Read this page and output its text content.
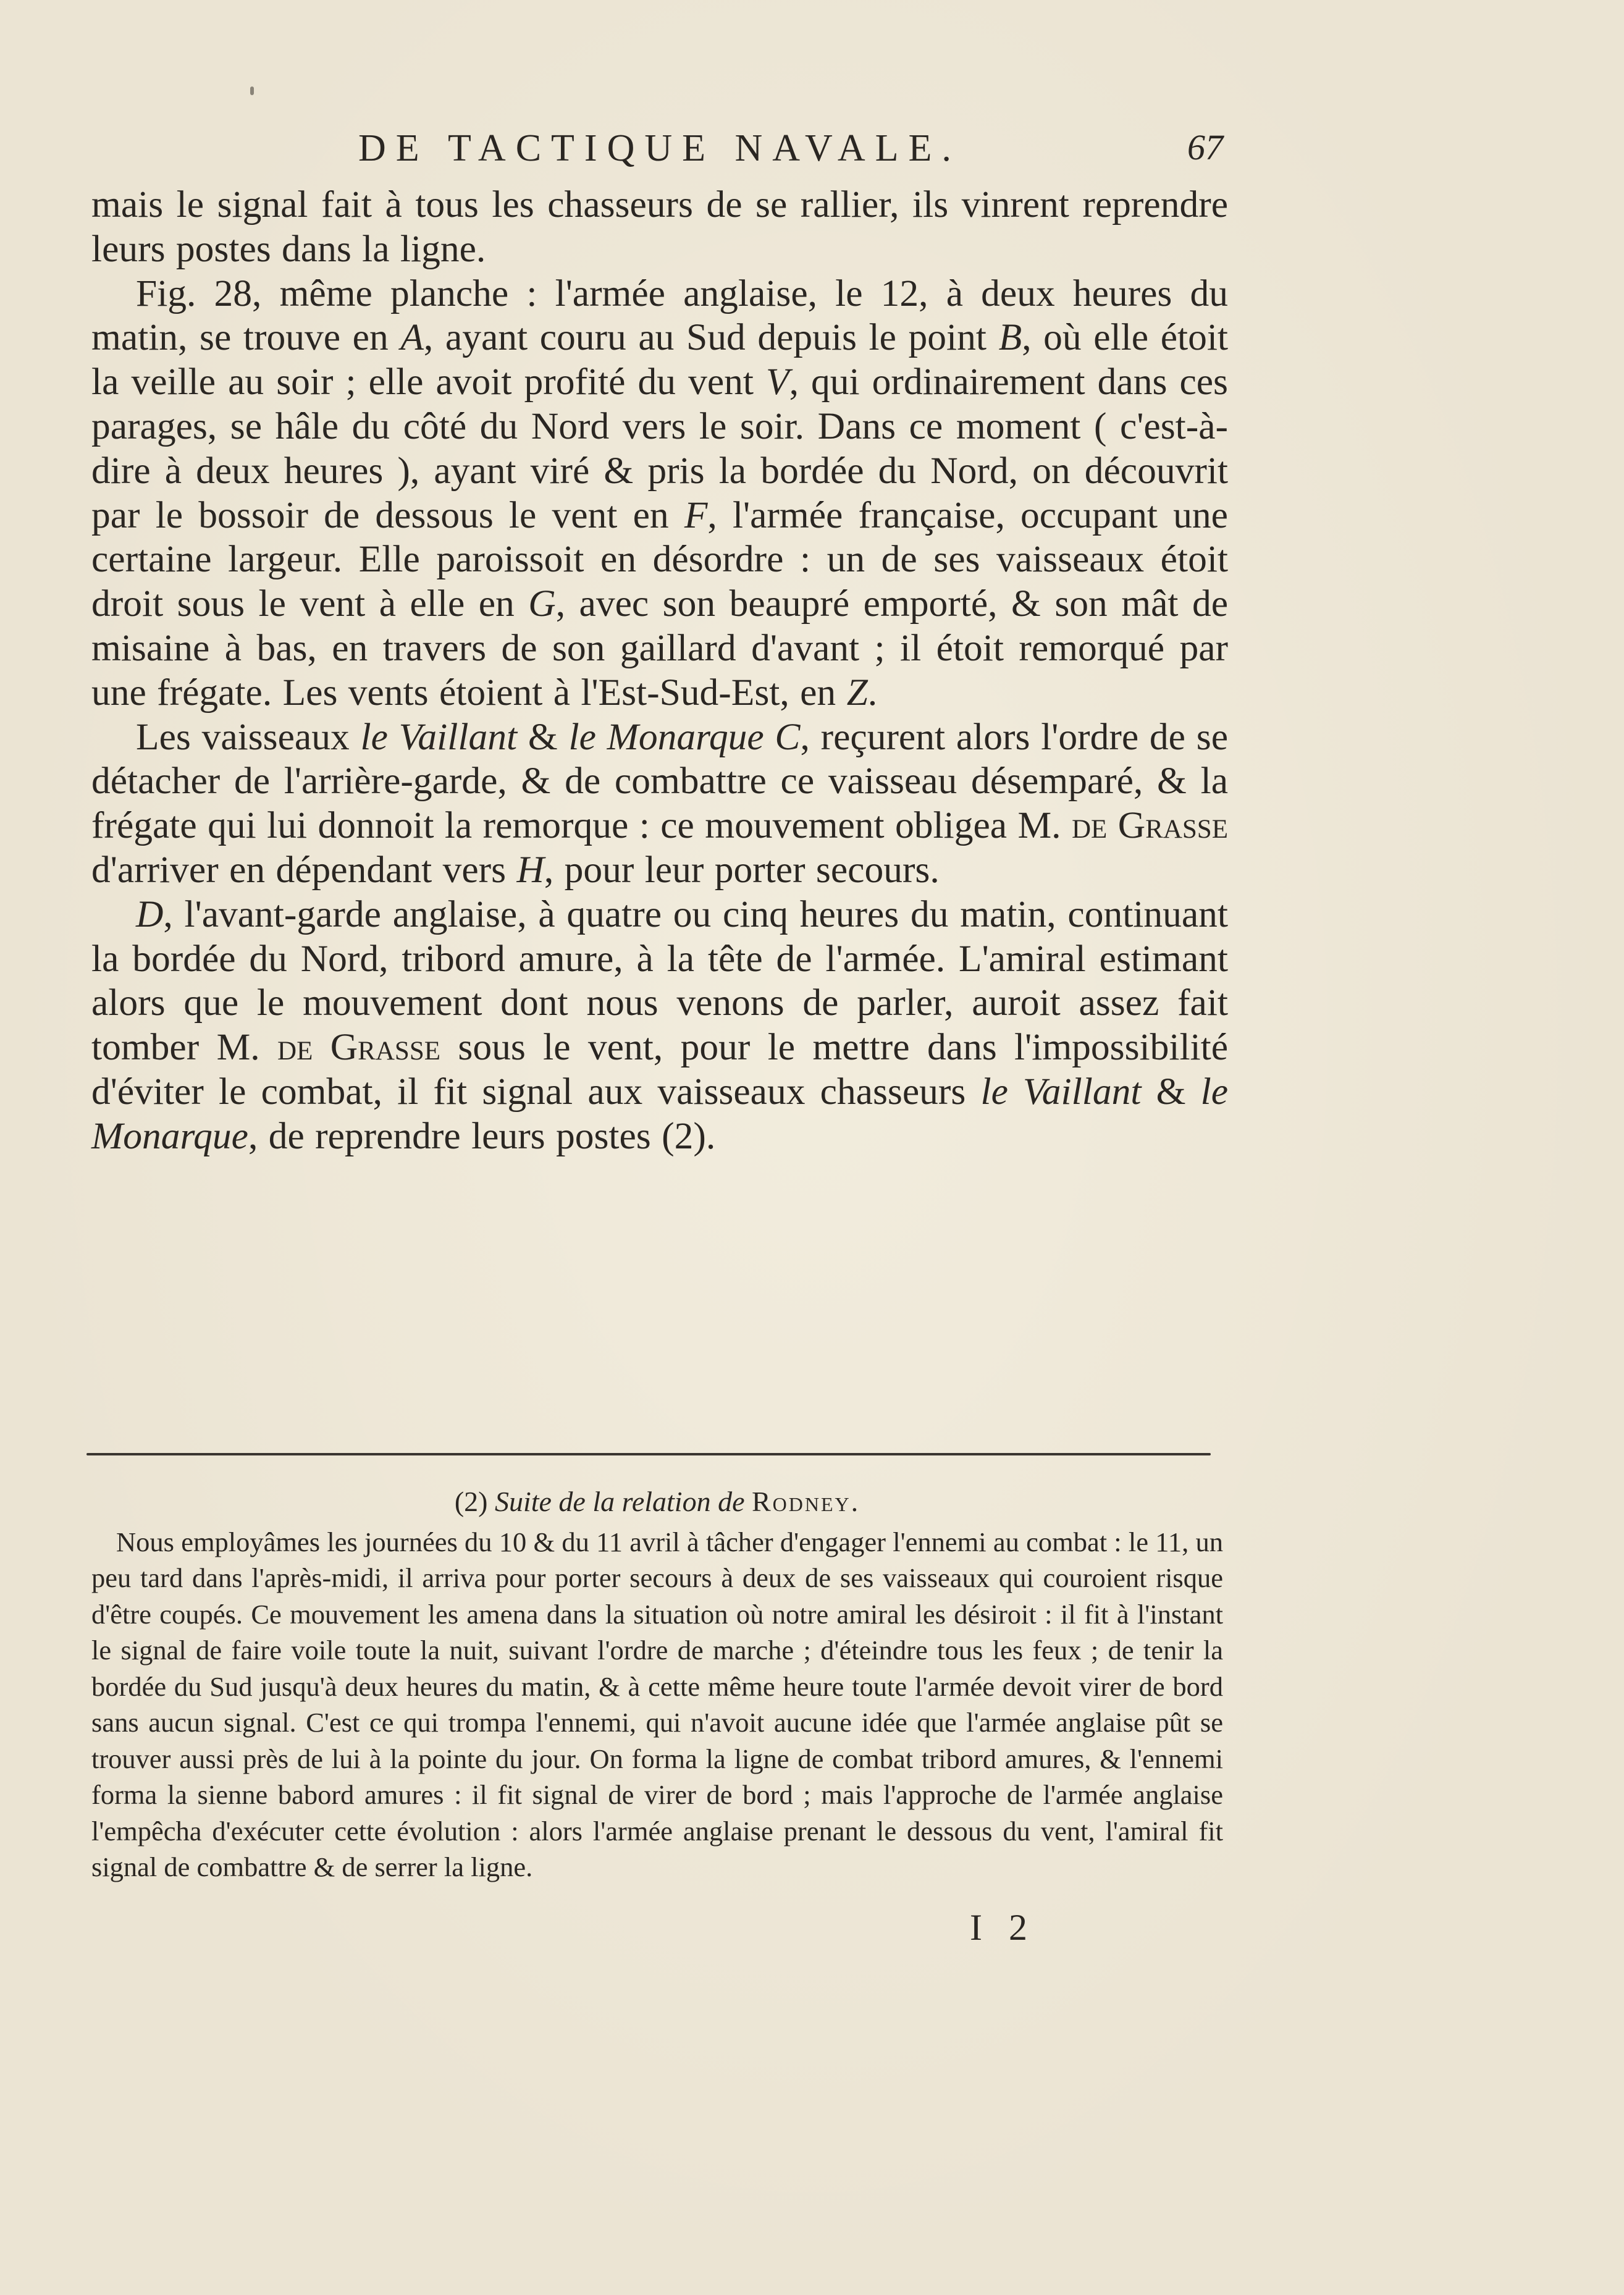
DE TACTIQUE NAVALE.	67

mais le signal fait à tous les chasseurs de se rallier, ils vinrent reprendre leurs postes dans la ligne.

Fig. 28, même planche : l'armée anglaise, le 12, à deux heures du matin, se trouve en A, ayant couru au Sud depuis le point B, où elle étoit la veille au soir ; elle avoit profité du vent V, qui ordinairement dans ces parages, se hâle du côté du Nord vers le soir. Dans ce moment ( c'est-à-dire à deux heures ), ayant viré & pris la bordée du Nord, on découvrit par le bossoir de dessous le vent en F, l'armée française, occupant une certaine largeur. Elle paroissoit en désordre : un de ses vaisseaux étoit droit sous le vent à elle en G, avec son beaupré emporté, & son mât de misaine à bas, en travers de son gaillard d'avant ; il étoit remorqué par une frégate. Les vents étoient à l'Est-Sud-Est, en Z.

Les vaisseaux le Vaillant & le Monarque C, reçurent alors l'ordre de se détacher de l'arrière-garde, & de combattre ce vaisseau désemparé, & la frégate qui lui donnoit la remorque : ce mouvement obligea M. de Grasse d'arriver en dépendant vers H, pour leur porter secours.

D, l'avant-garde anglaise, à quatre ou cinq heures du matin, continuant la bordée du Nord, tribord amure, à la tête de l'armée. L'amiral estimant alors que le mouvement dont nous venons de parler, auroit assez fait tomber M. de Grasse sous le vent, pour le mettre dans l'impossibilité d'éviter le combat, il fit signal aux vaisseaux chasseurs le Vaillant & le Monarque, de reprendre leurs postes (2).

(2) Suite de la relation de Rodney.

Nous employâmes les journées du 10 & du 11 avril à tâcher d'engager l'ennemi au combat : le 11, un peu tard dans l'après-midi, il arriva pour porter secours à deux de ses vaisseaux qui couroient risque d'être coupés. Ce mouvement les amena dans la situation où notre amiral les désiroit : il fit à l'instant le signal de faire voile toute la nuit, suivant l'ordre de marche ; d'éteindre tous les feux ; de tenir la bordée du Sud jusqu'à deux heures du matin, & à cette même heure toute l'armée devoit virer de bord sans aucun signal. C'est ce qui trompa l'ennemi, qui n'avoit aucune idée que l'armée anglaise pût se trouver aussi près de lui à la pointe du jour. On forma la ligne de combat tribord amures, & l'ennemi forma la sienne babord amures : il fit signal de virer de bord ; mais l'approche de l'armée anglaise l'empêcha d'exécuter cette évolution : alors l'armée anglaise prenant le dessous du vent, l'amiral fit signal de combattre & de serrer la ligne.

I 2
